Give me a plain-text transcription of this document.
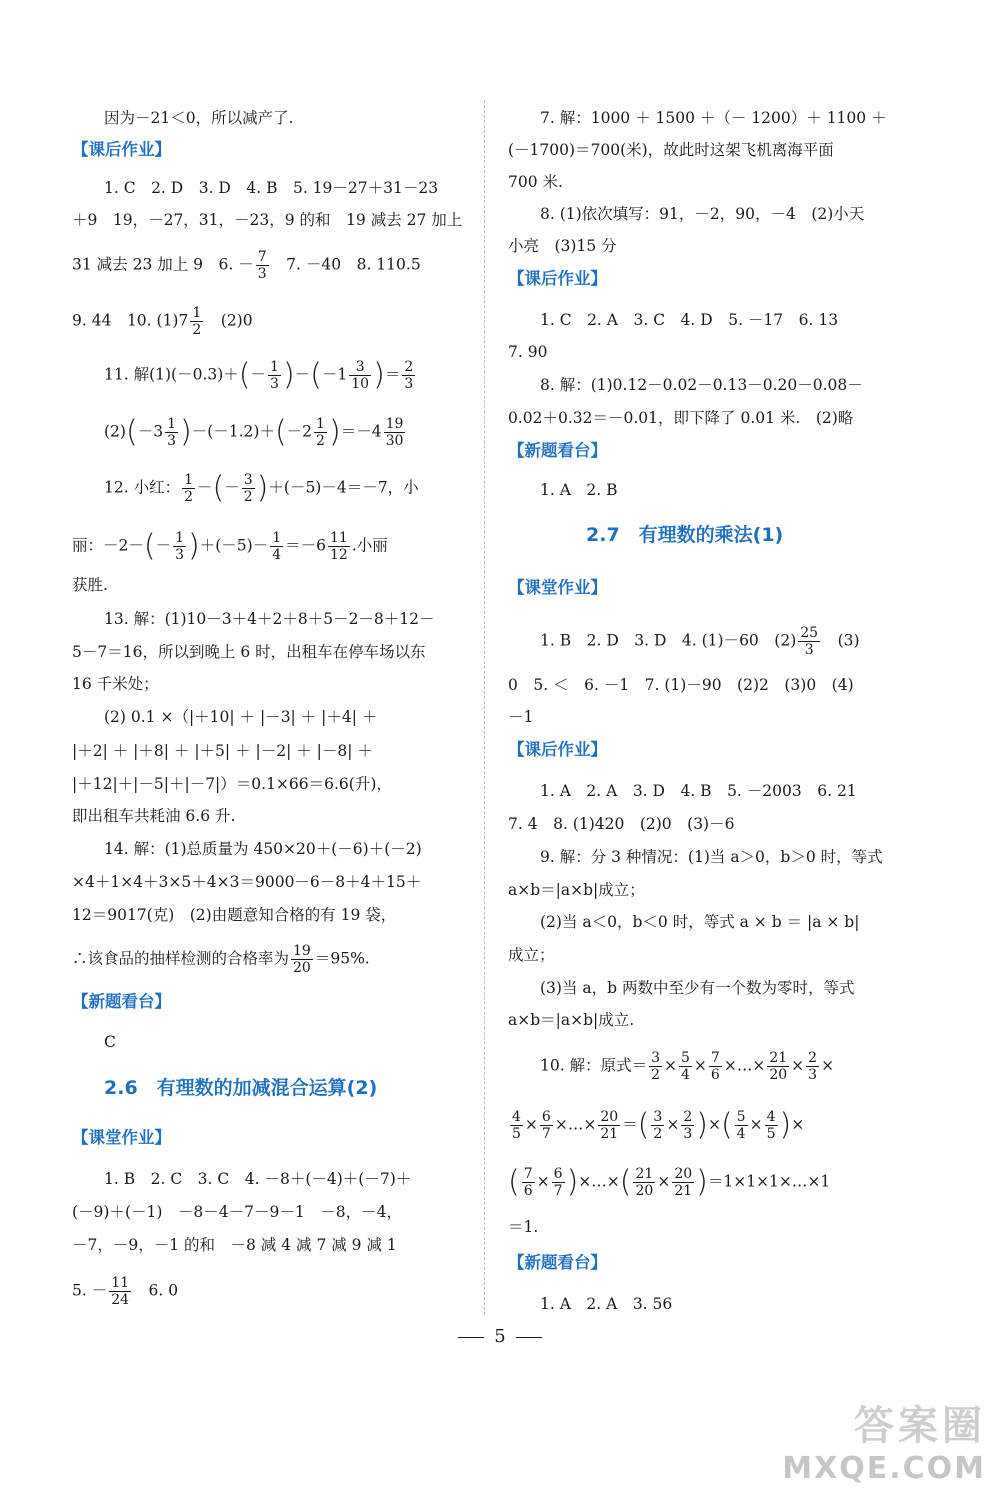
因为－21＜0，所以减产了.
【课后作业】
1. C　2. D　3. D　4. B　5. 19－27＋31－23
＋9　19，－27，31，－23，9 的和　19 减去 27 加上
31 减去 23 加上 9　6. － $\frac{7}{3}$ 　7. －40　8. 110.5
9. 44　10. $(1)7 \frac{1}{2}$ 　(2)0
11. 解$(1)(-0.3)+(- \frac{1}{3} )-(-1 \frac{3}{10}$ )＝ $\frac{2}{3}$
$(2)(-3 \frac{1}{3} )-(-1.2)+(-2 \frac{1}{2} )=-4 \frac{19}{30}$
12. 小红： $\frac{1}{2}$ －(－ $\frac{3}{2} )+(-5)-4=-7$，小
丽：$-2-(- \frac{1}{3} )+(-5)- \frac{1}{4} =-6 \frac{11}{12}$ .小丽
获胜.
13. 解：(1)10－3＋4＋2＋8＋5－2－8＋12－
5－7＝16，所以到晚上 6 时，出租车在停车场以东
16 千米处；
(2) 0.1 ×（|＋10| ＋ |－3| ＋ |＋4| ＋
|＋2| ＋ |＋8| ＋ |＋5| ＋ |－2| ＋ |－8| ＋
|＋12|＋|－5|＋|－7|）＝0.1×66＝6.6(升)，
即出租车共耗油 6.6 升.
14. 解：(1)总质量为 450×20＋(－6)＋(－2)
×4＋1×4＋3×5＋4×3＝9000－6－8＋4＋15＋
12＝9017(克)　(2)由题意知合格的有 19 袋，
∴该食品的抽样检测的合格率为 $\frac{19}{20} =95\%$.
【新题看台】
C
2.6　有理数的加减混合运算(2)
【课堂作业】
1. B　2. C　3. C　4. －8＋(－4)＋(－7)＋
(－9)＋(－1)　－8－4－7－9－1　－8，－4，
－7，－9，－1 的和　－8 减 4 减 7 减 9 减 1
5. － $\frac{11}{24}$ 　6. 0
7. 解：1000 ＋ 1500 ＋（－ 1200）＋ 1100 ＋
(－1700)＝700(米)，故此时这架飞机离海平面
700 米.
8. (1)依次填写：91，－2，90，－4　(2)小天
小亮　(3)15 分
【课后作业】
1. C　2. A　3. C　4. D　5. －17　6. 13
7. 90
8. 解：(1)0.12－0.02－0.13－0.20－0.08－
0.02＋0.32＝－0.01，即下降了 0.01 米.　(2)略
【新题看台】
1. A　2. B
2.7　有理数的乘法(1)
【课堂作业】
1. B　2. D　3. D　4. (1)－60　$(2) \frac{25}{3}$ 　(3)
0　5. ＜　6. －1　7. (1)－90　(2)2　(3)0　(4)
－1
【课后作业】
1. A　2. A　3. D　4. B　5. －2003　6. 21
7. 4　8. (1)420　(2)0　(3)－6
9. 解：分 3 种情况：(1)当 a＞0，b＞0 时，等式
a×b＝|a×b|成立；
(2)当 a＜0，b＜0 时，等式 a × b ＝ |a × b|
成立；
(3)当 a，b 两数中至少有一个数为零时，等式
a×b＝|a×b|成立.
10. 解：原式＝ $\frac{3}{2} \times \frac{5}{4} \times \frac{7}{6}$ ×…× $\frac{21}{20} \times \frac{2}{3}$ ×
$\frac{4}{5} \times \frac{6}{7}$ ×…× $\frac{20}{21}$ ＝( $\frac{3}{2} \times \frac{2}{3}$ )×( $\frac{5}{4} \times \frac{4}{5}$ )×
( $\frac{7}{6} \times \frac{6}{7}$ )×…×( $\frac{21}{20} \times \frac{20}{21}$ )＝1×1×1×…×1
＝1.
【新题看台】
1. A　2. A　3. 56
5
答案圈
MXQE.COM
